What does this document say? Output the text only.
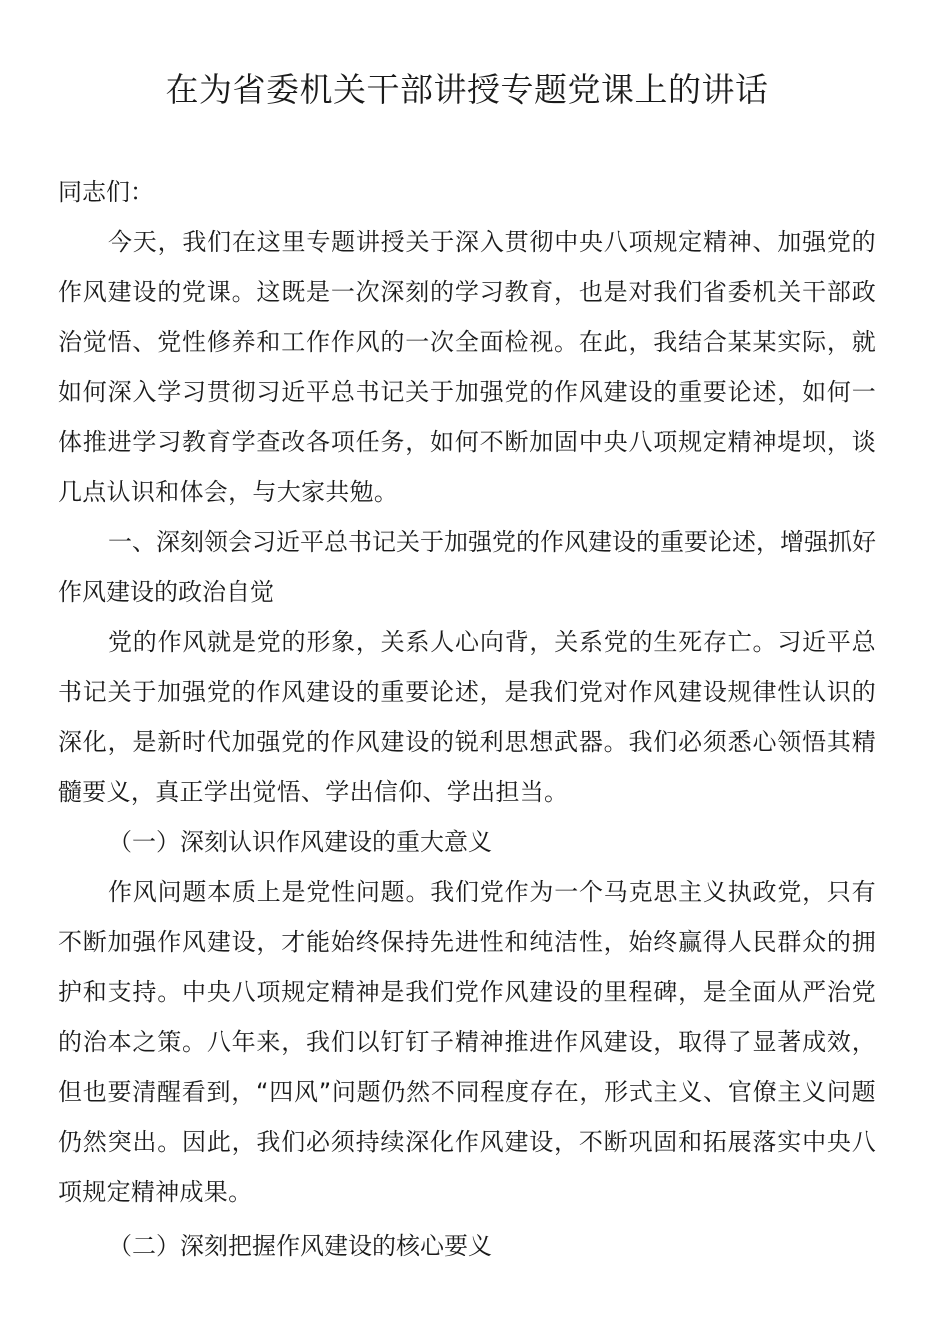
在为省委机关干部讲授专题党课上的讲话

同志们：

今天，我们在这里专题讲授关于深入贯彻中央八项规定精神、加强党的作风建设的党课。这既是一次深刻的学习教育，也是对我们省委机关干部政治觉悟、党性修养和工作作风的一次全面检视。在此，我结合某某实际，就如何深入学习贯彻习近平总书记关于加强党的作风建设的重要论述，如何一体推进学习教育学查改各项任务，如何不断加固中央八项规定精神堤坝，谈几点认识和体会，与大家共勉。

一、深刻领会习近平总书记关于加强党的作风建设的重要论述，增强抓好作风建设的政治自觉

党的作风就是党的形象，关系人心向背，关系党的生死存亡。习近平总书记关于加强党的作风建设的重要论述，是我们党对作风建设规律性认识的深化，是新时代加强党的作风建设的锐利思想武器。我们必须悉心领悟其精髓要义，真正学出觉悟、学出信仰、学出担当。

（一）深刻认识作风建设的重大意义

作风问题本质上是党性问题。我们党作为一个马克思主义执政党，只有不断加强作风建设，才能始终保持先进性和纯洁性，始终赢得人民群众的拥护和支持。中央八项规定精神是我们党作风建设的里程碑，是全面从严治党的治本之策。八年来，我们以钉钉子精神推进作风建设，取得了显著成效，但也要清醒看到，“四风”问题仍然不同程度存在，形式主义、官僚主义问题仍然突出。因此，我们必须持续深化作风建设，不断巩固和拓展落实中央八项规定精神成果。

（二）深刻把握作风建设的核心要义
